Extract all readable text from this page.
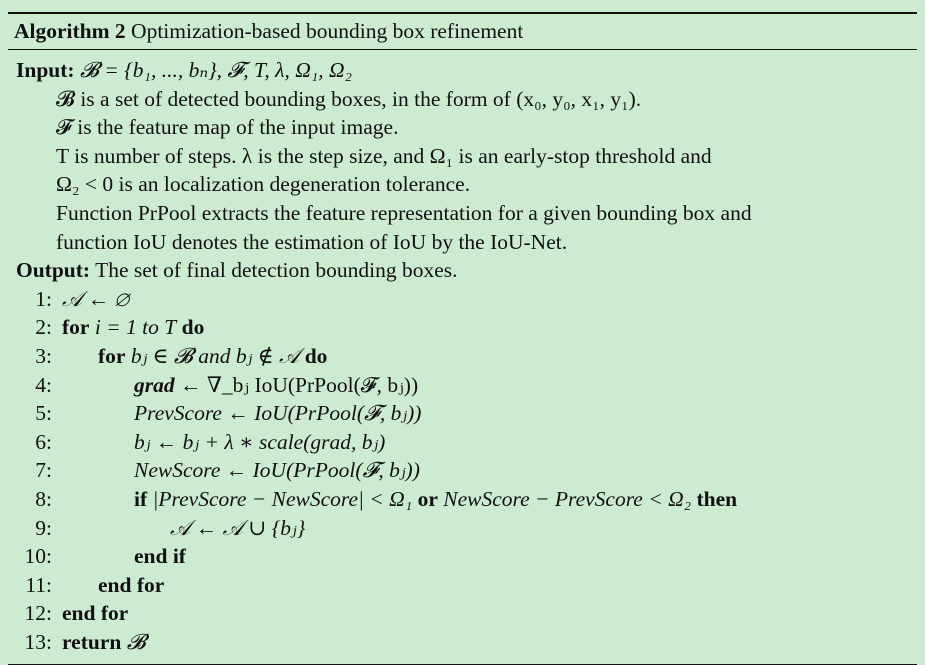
Algorithm 2 Optimization-based bounding box refinement
Input: 𝓑 = {b₁, ..., bₙ}, 𝓕, T, λ, Ω₁, Ω₂
𝓑 is a set of detected bounding boxes, in the form of (x₀, y₀, x₁, y₁).
𝓕 is the feature map of the input image.
T is number of steps. λ is the step size, and Ω₁ is an early-stop threshold and
Ω₂ < 0 is an localization degeneration tolerance.
Function PrPool extracts the feature representation for a given bounding box and
function IoU denotes the estimation of IoU by the IoU-Net.
Output: The set of final detection bounding boxes.
1: 𝒜 ← ∅
2: for i = 1 to T do
3: for bⱼ ∈ 𝓑 and bⱼ ∉ 𝒜 do
4:	grad ← ∇_bⱼ IoU(PrPool(𝓕, bⱼ))
5:	PrevScore ← IoU(PrPool(𝓕, bⱼ))
6:	bⱼ ← bⱼ + λ ∗ scale(grad, bⱼ)
7:	NewScore ← IoU(PrPool(𝓕, bⱼ))
8:	if |PrevScore − NewScore| < Ω₁ or NewScore − PrevScore < Ω₂ then
9:	𝒜 ← 𝒜 ∪ {bⱼ}
10:	end if
11: end for
12: end for
13: return 𝓑
